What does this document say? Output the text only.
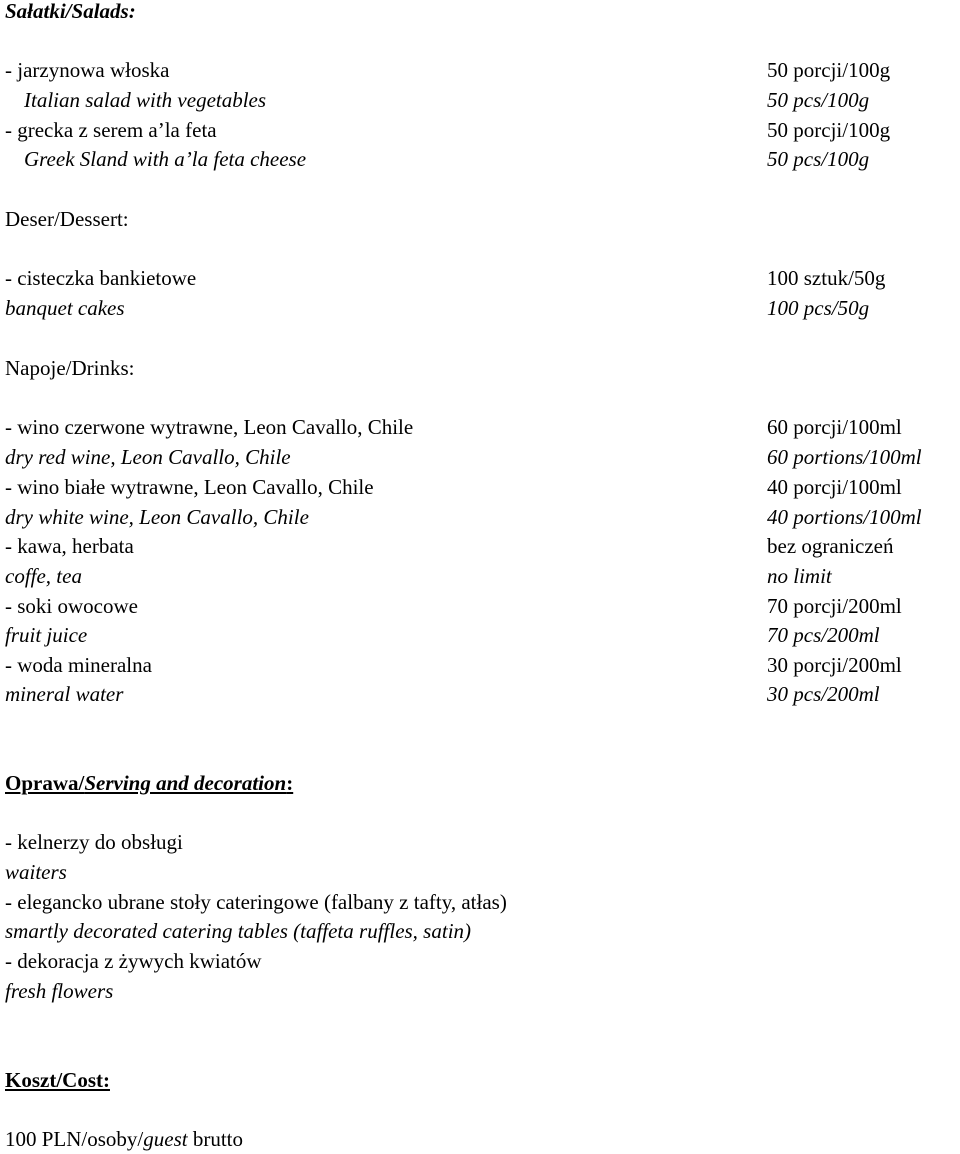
Sałatki/Salads:
- jarzynowa włoska	50 porcji/100g
Italian salad with vegetables	50 pcs/100g
- grecka z serem a’la feta	50 porcji/100g
Greek Sland with a’la feta cheese	50 pcs/100g
Deser/Dessert:
- cisteczka bankietowe	100 sztuk/50g
banquet cakes	100 pcs/50g
Napoje/Drinks:
- wino czerwone wytrawne, Leon Cavallo, Chile	60 porcji/100ml
dry red wine, Leon Cavallo, Chile	60 portions/100ml
- wino białe wytrawne, Leon Cavallo, Chile	40 porcji/100ml
dry white wine, Leon Cavallo, Chile	40 portions/100ml
- kawa, herbata	bez ograniczeń
coffe, tea	no limit
- soki owocowe	70 porcji/200ml
fruit juice	70 pcs/200ml
- woda mineralna	30 porcji/200ml
mineral water	30 pcs/200ml
Oprawa/Serving and decoration:
- kelnerzy do obsługi
waiters
- elegancko ubrane stoły cateringowe (falbany z tafty, atłas)
smartly decorated catering tables (taffeta ruffles, satin)
- dekoracja z żywych kwiatów
fresh flowers
Koszt/Cost:
100 PLN/osoby/guest brutto
